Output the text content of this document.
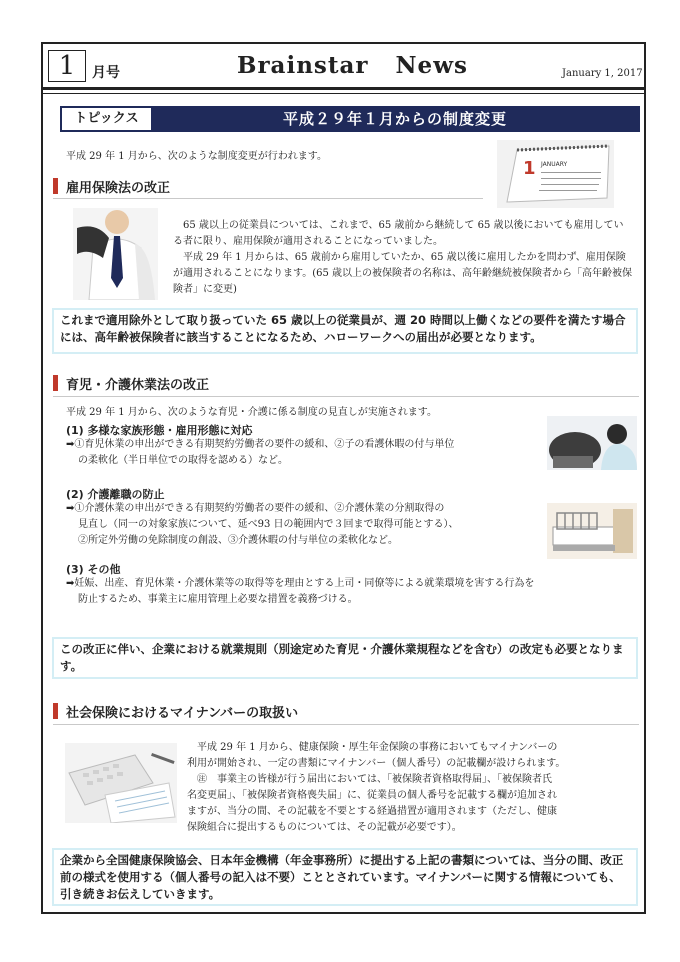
1	月号	Brainstar   News	January 1, 2017
トピックス	平成２９年１月からの制度変更
平成 29 年 1 月から、次のような制度変更が行われます。
1 JANUARY
雇用保険法の改正
　65 歳以上の従業員については、これまで、65 歳前から継続して 65 歳以後においても雇用している者に限り、雇用保険が適用されることになっていました。
　平成 29 年 1 月からは、65 歳前から雇用していたか、65 歳以後に雇用したかを問わず、雇用保険が適用されることになります。(65 歳以上の被保険者の名称は、高年齢継続被保険者から「高年齢被保険者」に変更)
これまで適用除外として取り扱っていた 65 歳以上の従業員が、週 20 時間以上働くなどの要件を満たす場合には、高年齢被保険者に該当することになるため、ハローワークへの届出が必要となります。
育児・介護休業法の改正
平成 29 年 1 月から、次のような育児・介護に係る制度の見直しが実施されます。
(1) 多様な家族形態・雇用形態に対応
➡①育児休業の申出ができる有期契約労働者の要件の緩和、②子の看護休暇の付与単位
の柔軟化（半日単位での取得を認める）など。
(2) 介護離職の防止
➡①介護休業の申出ができる有期契約労働者の要件の緩和、②介護休業の分割取得の
見直し（同一の対象家族について、延べ93 日の範囲内で３回まで取得可能とする）、
②所定外労働の免除制度の創設、③介護休暇の付与単位の柔軟化など。
(3) その他
➡妊娠、出産、育児休業・介護休業等の取得等を理由とする上司・同僚等による就業環境を害する行為を
防止するため、事業主に雇用管理上必要な措置を義務づける。
この改正に伴い、企業における就業規則（別途定めた育児・介護休業規程などを含む）の改定も必要となります。
社会保険におけるマイナンバーの取扱い
　平成 29 年 1 月から、健康保険・厚生年金保険の事務においてもマイナンバーの
利用が開始され、一定の書類にマイナンバー（個人番号）の記載欄が設けられます。
　㊟　事業主の皆様が行う届出においては、「被保険者資格取得届」、「被保険者氏
名変更届」、「被保険者資格喪失届」に、従業員の個人番号を記載する欄が追加され
ますが、当分の間、その記載を不要とする経過措置が適用されます（ただし、健康
保険組合に提出するものについては、その記載が必要です）。
企業から全国健康保険協会、日本年金機構（年金事務所）に提出する上記の書類については、当分の間、改正前の様式を使用する（個人番号の記入は不要）こととされています。マイナンバーに関する情報についても、引き続きお伝えしていきます。
